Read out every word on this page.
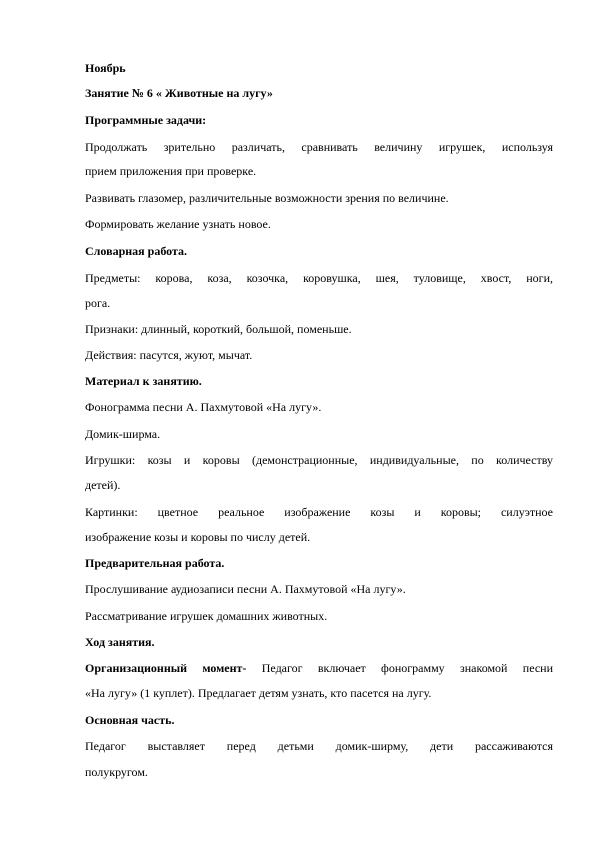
Ноябрь
Занятие № 6 « Животные на лугу»
Программные задачи:
Продолжать зрительно различать, сравнивать величину игрушек, используя
прием приложения при проверке.
Развивать глазомер, различительные возможности зрения по величине.
Формировать желание узнать новое.
Словарная работа.
Предметы: корова, коза, козочка, коровушка, шея, туловище, хвост, ноги,
рога.
Признаки: длинный, короткий, большой, поменьше.
Действия: пасутся, жуют, мычат.
Материал к занятию.
Фонограмма песни А. Пахмутовой «На лугу».
Домик-ширма.
Игрушки: козы и коровы (демонстрационные, индивидуальные, по количеству
детей).
Картинки: цветное реальное изображение козы и коровы; силуэтное
изображение козы и коровы по числу детей.
Предварительная работа.
Прослушивание аудиозаписи песни А. Пахмутовой «На лугу».
Рассматривание игрушек домашних животных.
Ход занятия.
Организационный момент- Педагог включает фонограмму знакомой песни
«На лугу» (1 куплет). Предлагает детям узнать, кто пасется на лугу.
Основная часть.
Педагог выставляет перед детьми домик-ширму, дети рассаживаются
полукругом.
